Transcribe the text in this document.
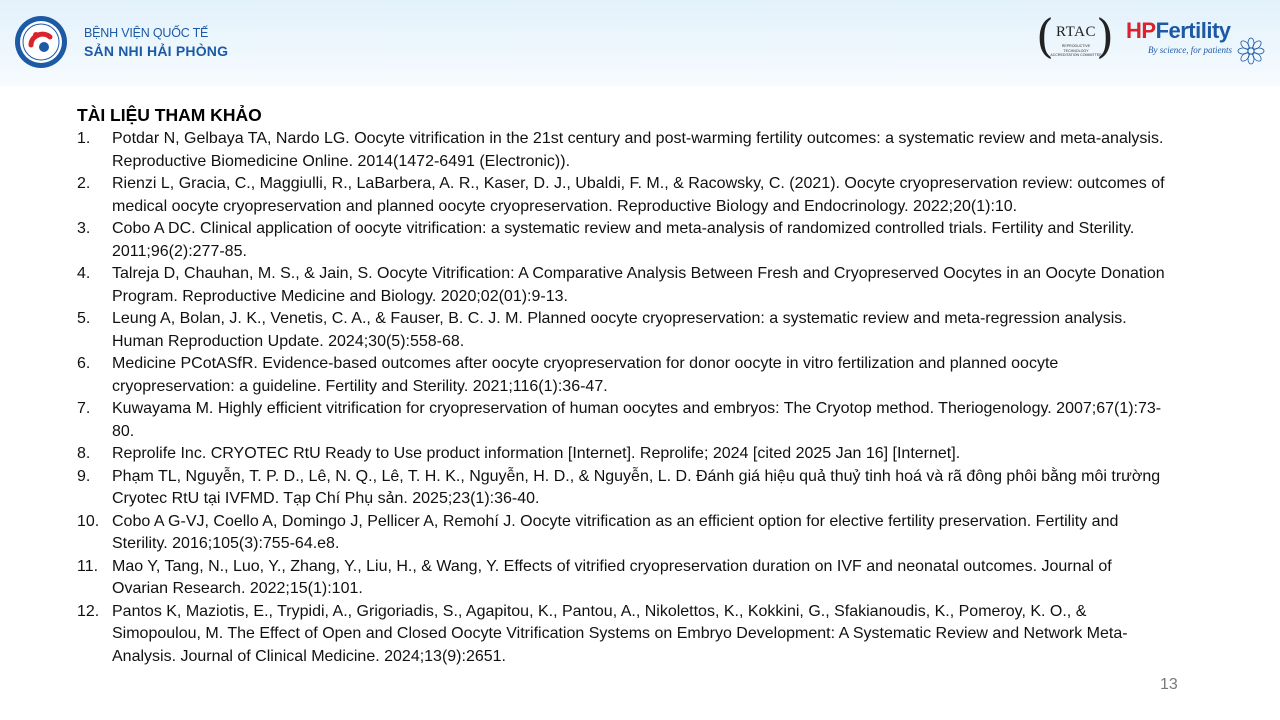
BỆNH VIỆN QUỐC TẾ
SẢN NHI HẢI PHÒNG	( RTAC
REPRODUCTIVE TECHNOLOGY ACCREDITATION COMMITTEE
) HPFertility
By science, for patients
TÀI LIỆU THAM KHẢO
1. Potdar N, Gelbaya TA, Nardo LG. Oocyte vitrification in the 21st century and post-warming fertility outcomes: a systematic review and meta-analysis. Reproductive Biomedicine Online. 2014(1472-6491 (Electronic)).
2. Rienzi L, Gracia, C., Maggiulli, R., LaBarbera, A. R., Kaser, D. J., Ubaldi, F. M., & Racowsky, C. (2021). Oocyte cryopreservation review: outcomes of medical oocyte cryopreservation and planned oocyte cryopreservation. Reproductive Biology and Endocrinology. 2022;20(1):10.
3. Cobo A DC. Clinical application of oocyte vitrification: a systematic review and meta-analysis of randomized controlled trials. Fertility and Sterility. 2011;96(2):277-85.
4. Talreja D, Chauhan, M. S., & Jain, S. Oocyte Vitrification: A Comparative Analysis Between Fresh and Cryopreserved Oocytes in an Oocyte Donation Program. Reproductive Medicine and Biology. 2020;02(01):9-13.
5. Leung A, Bolan, J. K., Venetis, C. A., & Fauser, B. C. J. M. Planned oocyte cryopreservation: a systematic review and meta-regression analysis. Human Reproduction Update. 2024;30(5):558-68.
6. Medicine PCotASfR. Evidence-based outcomes after oocyte cryopreservation for donor oocyte in vitro fertilization and planned oocyte cryopreservation: a guideline. Fertility and Sterility. 2021;116(1):36-47.
7. Kuwayama M. Highly efficient vitrification for cryopreservation of human oocytes and embryos: The Cryotop method. Theriogenology. 2007;67(1):73-80.
8. Reprolife Inc. CRYOTEC RtU Ready to Use product information [Internet]. Reprolife; 2024 [cited 2025 Jan 16] [Internet].
9. Phạm TL, Nguyễn, T. P. D., Lê, N. Q., Lê, T. H. K., Nguyễn, H. D., & Nguyễn, L. D. Đánh giá hiệu quả thuỷ tinh hoá và rã đông phôi bằng môi trường Cryotec RtU tại IVFMD. Tạp Chí Phụ sản. 2025;23(1):36-40.
10. Cobo A G-VJ, Coello A, Domingo J, Pellicer A, Remohí J. Oocyte vitrification as an efficient option for elective fertility preservation. Fertility and Sterility. 2016;105(3):755-64.e8.
11. Mao Y, Tang, N., Luo, Y., Zhang, Y., Liu, H., & Wang, Y. Effects of vitrified cryopreservation duration on IVF and neonatal outcomes. Journal of Ovarian Research. 2022;15(1):101.
12. Pantos K, Maziotis, E., Trypidi, A., Grigoriadis, S., Agapitou, K., Pantou, A., Nikolettos, K., Kokkini, G., Sfakianoudis, K., Pomeroy, K. O., & Simopoulou, M. The Effect of Open and Closed Oocyte Vitrification Systems on Embryo Development: A Systematic Review and Network Meta-Analysis. Journal of Clinical Medicine. 2024;13(9):2651.
13
